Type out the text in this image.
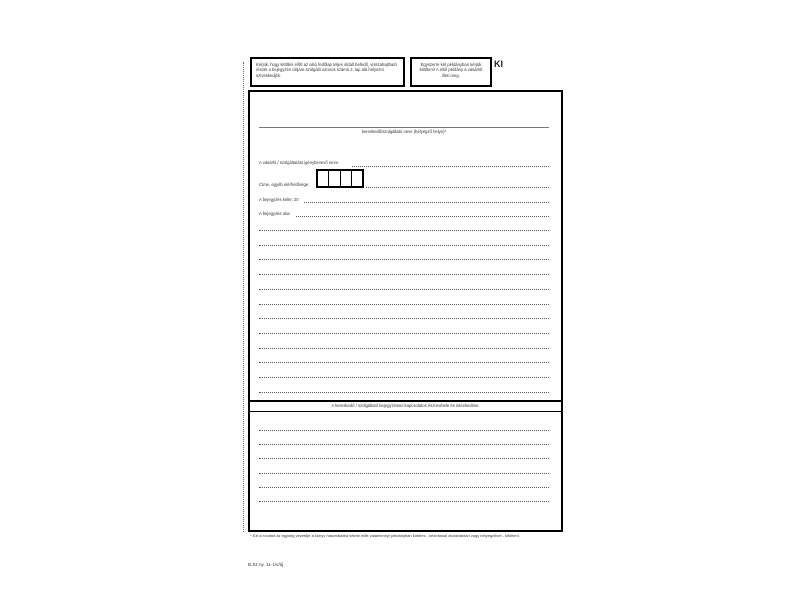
Kérjük, hogy kitöltés előtt az alsó fedőlap teljes oldalt befedő, visszahajtható részét a bejegyzés céljára szolgáló azonos számú 2. lap alá helyezni szíveskedjék.
Egyszerre két példányban kérjük kitölteni! A első példány a vásárlót illeti meg.
KI
kereskedő/szolgáltató neve (bélyegző helye)*
A vásárló / szolgáltatást igénybevevő neve:
Címe, egyéb elérhetősége:
A bejegyzés kelte: 20
A bejegyzés oka:
A kereskedő / szolgáltató bejegyzéssel kapcsolatos észrevétele és intézkedése:
* Ezt a rovatot az egység vezetője a könyv használatba vétele előtt valamennyi példányban köteles - kézírással olvashatóan vagy bélyegzővel - kitölteni.
B.Sz.ny. 11-1/v/új
